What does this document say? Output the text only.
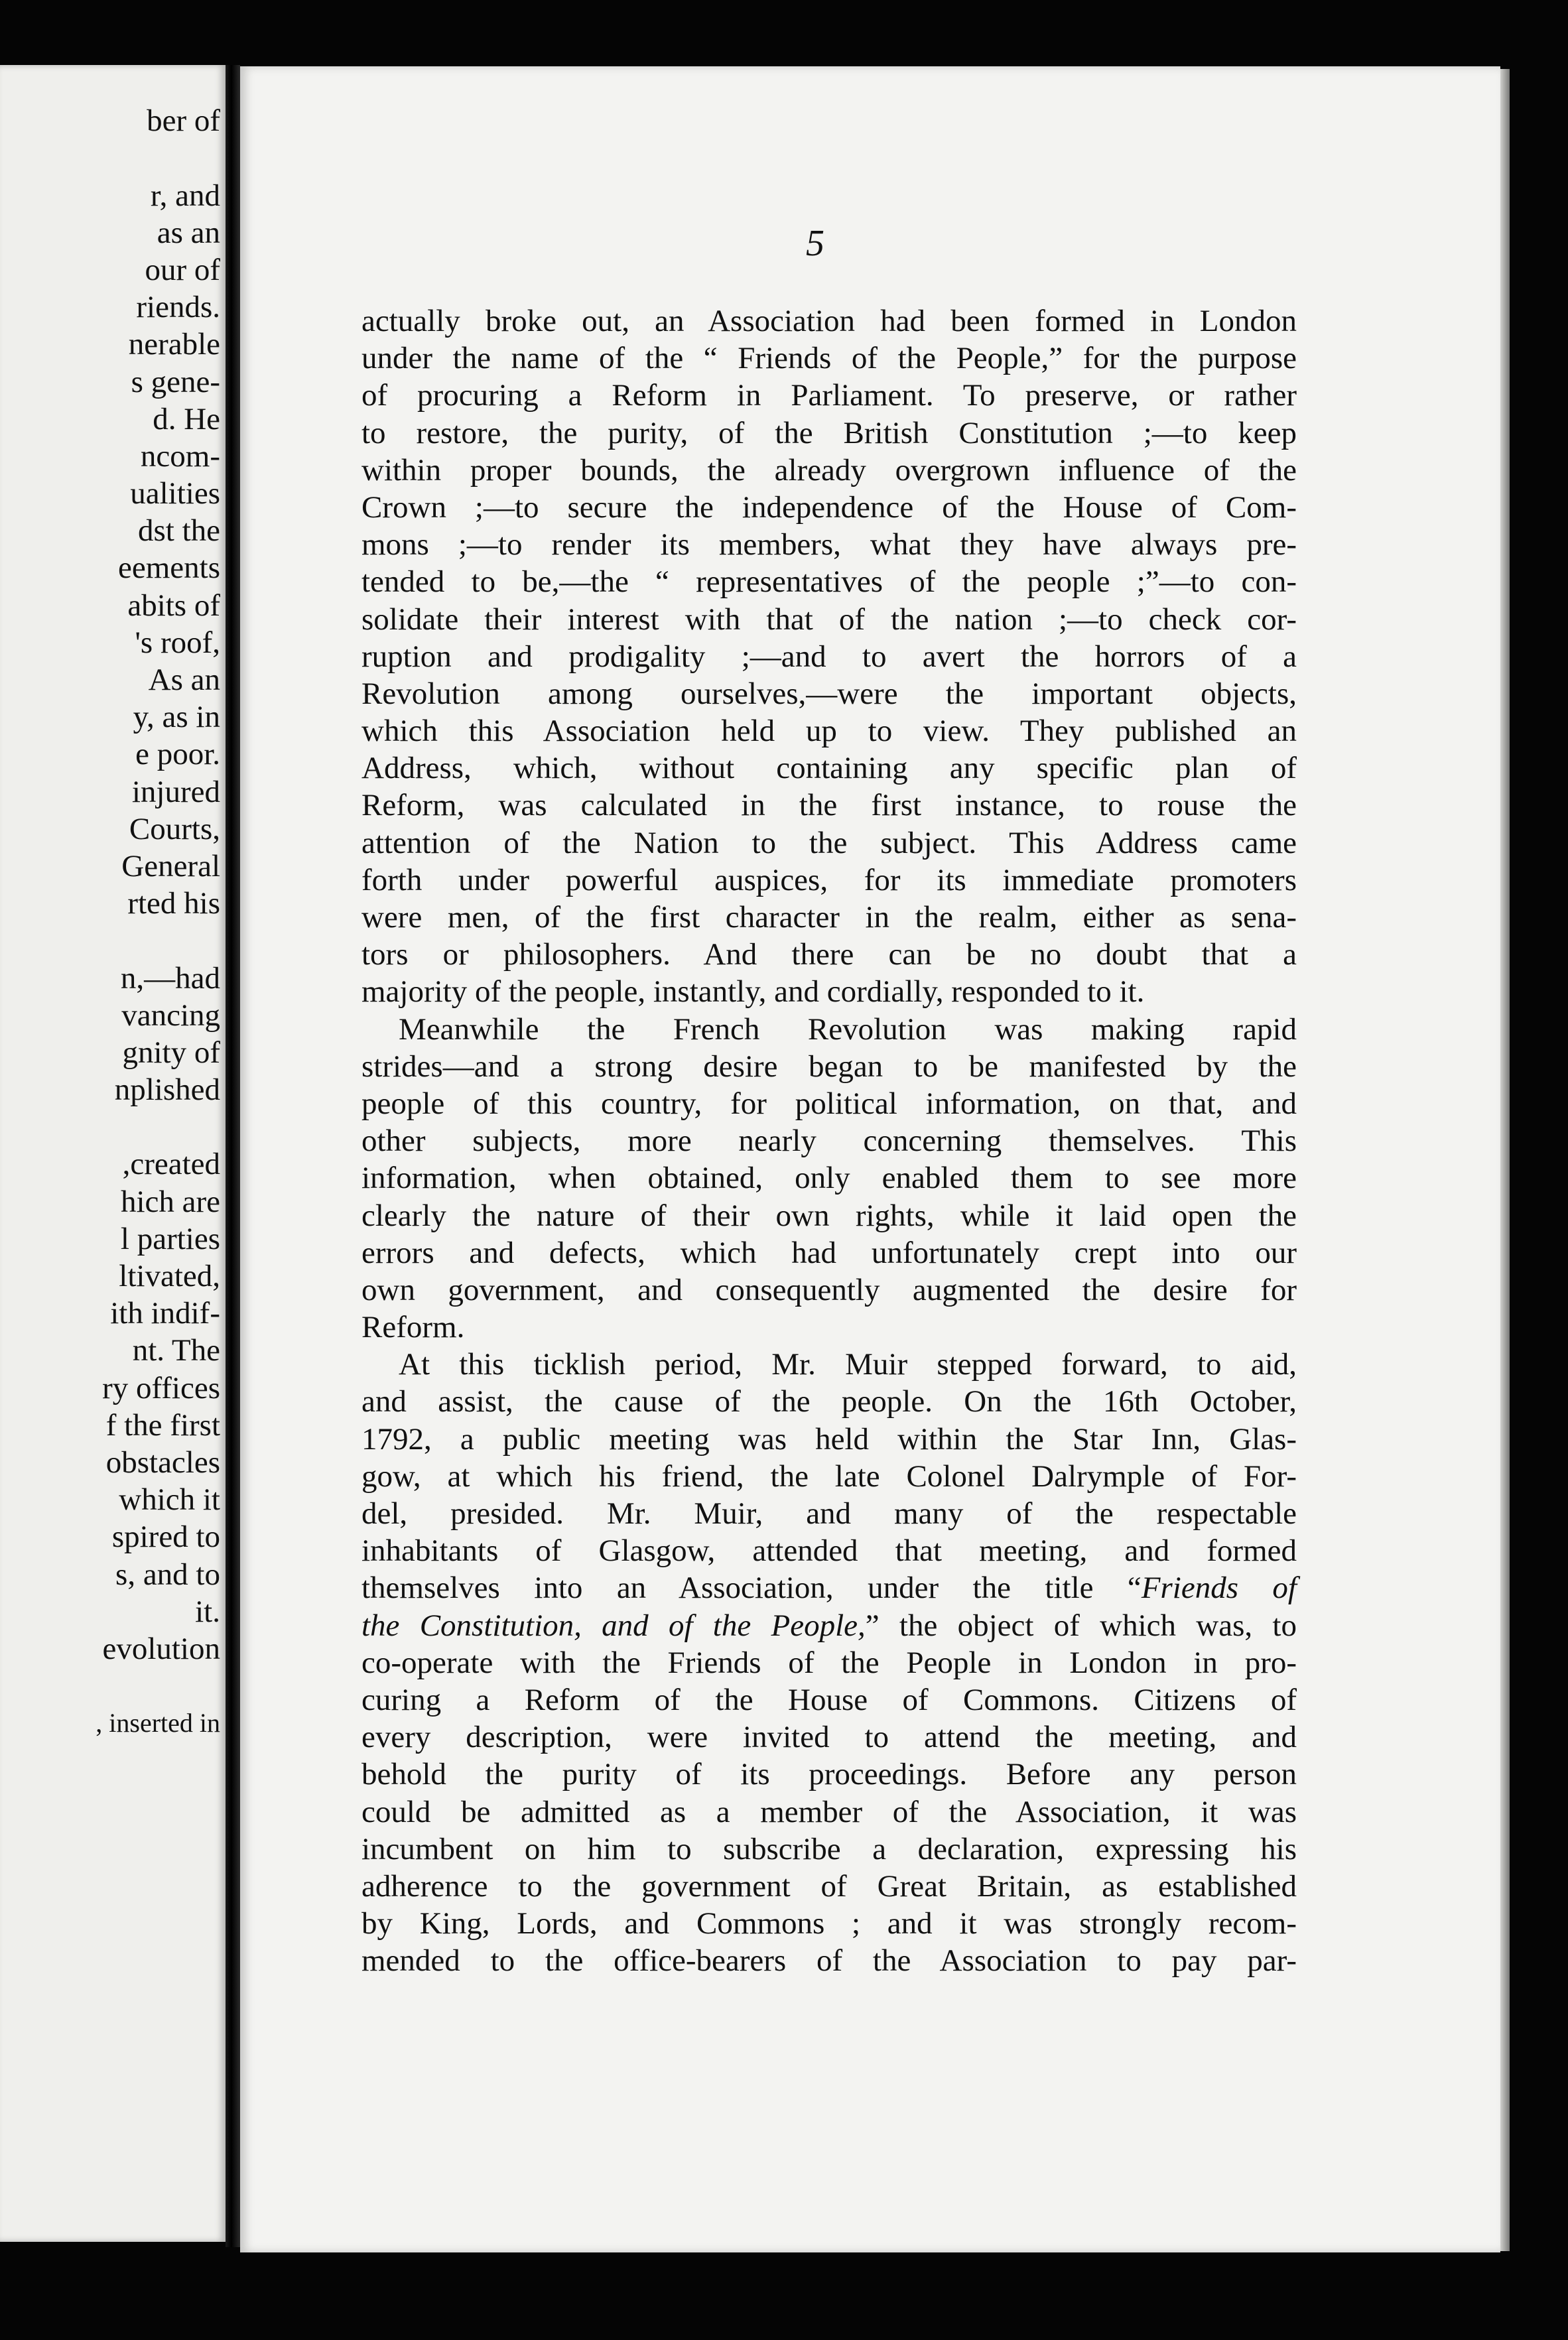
ber of
r, and
as an
our of
riends.
nerable
s gene-
d. He
ncom-
ualities
dst the
eements
abits of
's roof,
As an
y, as in
e poor.
injured
Courts,
General
rted his
n,—had
vancing
gnity of
nplished
,created
hich are
l parties
ltivated,
ith indif-
nt. The
ry offices
f the first
obstacles
which it
spired to
s, and to
it.
evolution
, inserted in
5
actually broke out, an Association had been formed in London
under the name of the “ Friends of the People,” for the purpose
of procuring a Reform in Parliament. To preserve, or rather
to restore, the purity, of the British Constitution ;—to keep
within proper bounds, the already overgrown influence of the
Crown ;—to secure the independence of the House of Com-
mons ;—to render its members, what they have always pre-
tended to be,—the “ representatives of the people ;”—to con-
solidate their interest with that of the nation ;—to check cor-
ruption and prodigality ;—and to avert the horrors of a
Revolution among ourselves,—were the important objects,
which this Association held up to view. They published an
Address, which, without containing any specific plan of
Reform, was calculated in the first instance, to rouse the
attention of the Nation to the subject. This Address came
forth under powerful auspices, for its immediate promoters
were men, of the first character in the realm, either as sena-
tors or philosophers. And there can be no doubt that a
majority of the people, instantly, and cordially, responded to it.
Meanwhile the French Revolution was making rapid
strides—and a strong desire began to be manifested by the
people of this country, for political information, on that, and
other subjects, more nearly concerning themselves. This
information, when obtained, only enabled them to see more
clearly the nature of their own rights, while it laid open the
errors and defects, which had unfortunately crept into our
own government, and consequently augmented the desire for
Reform.
At this ticklish period, Mr. Muir stepped forward, to aid,
and assist, the cause of the people. On the 16th October,
1792, a public meeting was held within the Star Inn, Glas-
gow, at which his friend, the late Colonel Dalrymple of For-
del, presided. Mr. Muir, and many of the respectable
inhabitants of Glasgow, attended that meeting, and formed
themselves into an Association, under the title “Friends of
the Constitution, and of the People,” the object of which was, to
co-operate with the Friends of the People in London in pro-
curing a Reform of the House of Commons. Citizens of
every description, were invited to attend the meeting, and
behold the purity of its proceedings. Before any person
could be admitted as a member of the Association, it was
incumbent on him to subscribe a declaration, expressing his
adherence to the government of Great Britain, as established
by King, Lords, and Commons ; and it was strongly recom-
mended to the office-bearers of the Association to pay par-
